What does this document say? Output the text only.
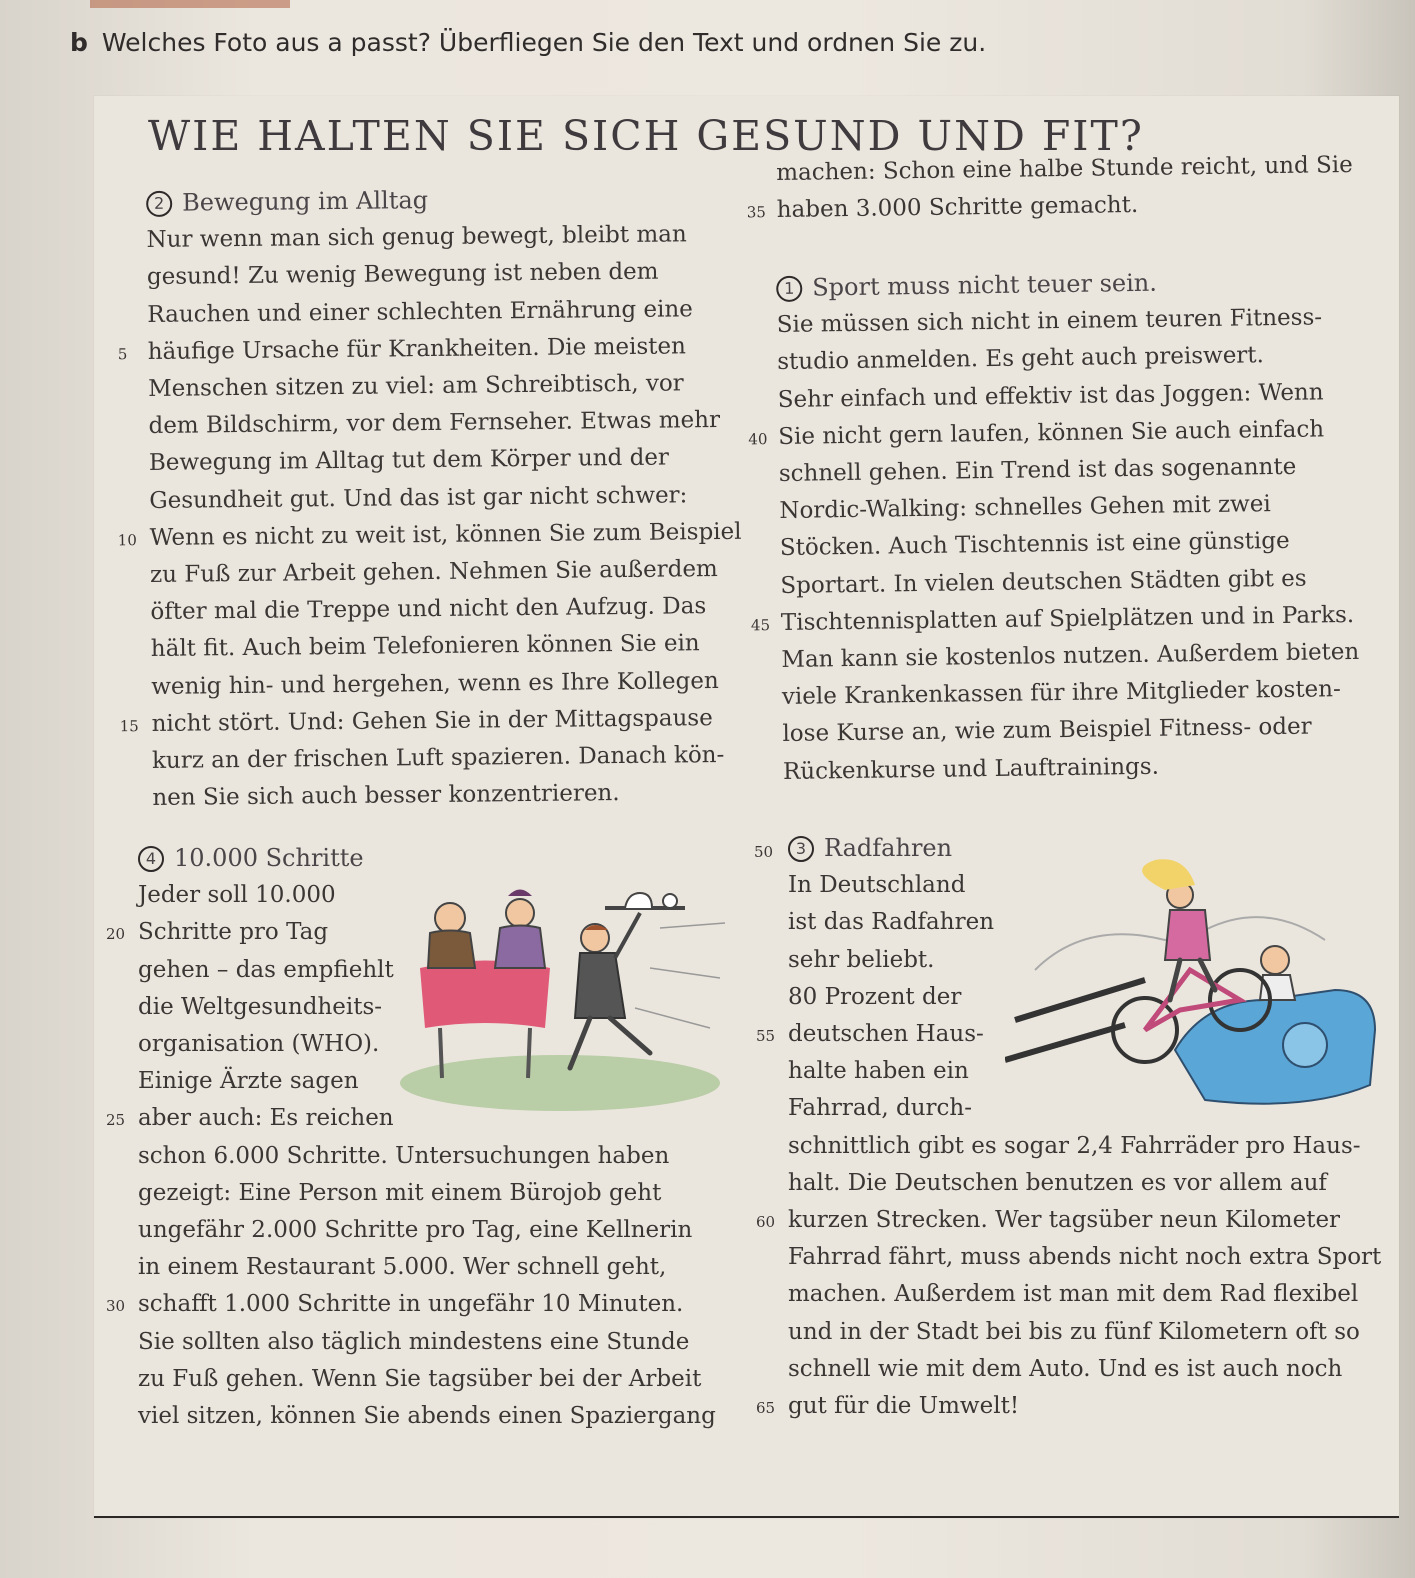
b Welches Foto aus a passt? Überfliegen Sie den Text und ordnen Sie zu.
WIE HALTEN SIE SICH GESUND UND FIT?
2 Bewegung im Alltag
Nur wenn man sich genug bewegt, bleibt man
gesund! Zu wenig Bewegung ist neben dem
Rauchen und einer schlechten Ernährung eine
5 häufige Ursache für Krankheiten. Die meisten
Menschen sitzen zu viel: am Schreibtisch, vor
dem Bildschirm, vor dem Fernseher. Etwas mehr
Bewegung im Alltag tut dem Körper und der
Gesundheit gut. Und das ist gar nicht schwer:
10 Wenn es nicht zu weit ist, können Sie zum Beispiel
zu Fuß zur Arbeit gehen. Nehmen Sie außerdem
öfter mal die Treppe und nicht den Aufzug. Das
hält fit. Auch beim Telefonieren können Sie ein
wenig hin- und hergehen, wenn es Ihre Kollegen
15 nicht stört. Und: Gehen Sie in der Mittagspause
kurz an der frischen Luft spazieren. Danach kön-
nen Sie sich auch besser konzentrieren.
4 10.000 Schritte
Jeder soll 10.000
20 Schritte pro Tag
gehen – das empfiehlt
die Weltgesundheits-
organisation (WHO).
Einige Ärzte sagen
25 aber auch: Es reichen
schon 6.000 Schritte. Untersuchungen haben
gezeigt: Eine Person mit einem Bürojob geht
ungefähr 2.000 Schritte pro Tag, eine Kellnerin
in einem Restaurant 5.000. Wer schnell geht,
30 schafft 1.000 Schritte in ungefähr 10 Minuten.
Sie sollten also täglich mindestens eine Stunde
zu Fuß gehen. Wenn Sie tagsüber bei der Arbeit
viel sitzen, können Sie abends einen Spaziergang
machen: Schon eine halbe Stunde reicht, und Sie
35 haben 3.000 Schritte gemacht.
1 Sport muss nicht teuer sein.
Sie müssen sich nicht in einem teuren Fitness-
studio anmelden. Es geht auch preiswert.
Sehr einfach und effektiv ist das Joggen: Wenn
40 Sie nicht gern laufen, können Sie auch einfach
schnell gehen. Ein Trend ist das sogenannte
Nordic-Walking: schnelles Gehen mit zwei
Stöcken. Auch Tischtennis ist eine günstige
Sportart. In vielen deutschen Städten gibt es
45 Tischtennisplatten auf Spielplätzen und in Parks.
Man kann sie kostenlos nutzen. Außerdem bieten
viele Krankenkassen für ihre Mitglieder kosten-
lose Kurse an, wie zum Beispiel Fitness- oder
Rückenkurse und Lauftrainings.
50 3 Radfahren
In Deutschland
ist das Radfahren
sehr beliebt.
80 Prozent der
55 deutschen Haus-
halte haben ein
Fahrrad, durch-
schnittlich gibt es sogar 2,4 Fahrräder pro Haus-
halt. Die Deutschen benutzen es vor allem auf
60 kurzen Strecken. Wer tagsüber neun Kilometer
Fahrrad fährt, muss abends nicht noch extra Sport
machen. Außerdem ist man mit dem Rad flexibel
und in der Stadt bei bis zu fünf Kilometern oft so
schnell wie mit dem Auto. Und es ist auch noch
65 gut für die Umwelt!
